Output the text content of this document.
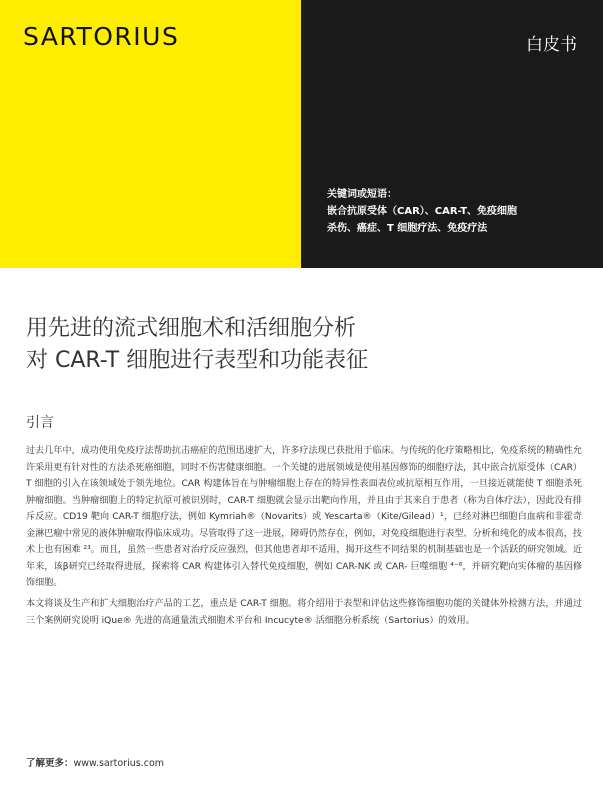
SARTORIUS	白皮书
关键词或短语：
嵌合抗原受体（CAR）、CAR-T、免疫细胞
杀伤、癌症、T 细胞疗法、免疫疗法
用先进的流式细胞术和活细胞分析
对 CAR-T 细胞进行表型和功能表征
引言

过去几年中，成功使用免疫疗法帮助抗击癌症的范围迅速扩大，许多疗法现已获批用于临床。与传统的化疗策略相比，免疫系统的精确性允许采用更有针对性的方法杀死癌细胞，同时不伤害健康细胞。一个关键的进展领域是使用基因修饰的细胞疗法，其中嵌合抗原受体（CAR）T 细胞的引入在该领域处于领先地位。CAR 构建体旨在与肿瘤细胞上存在的特异性表面表位或抗原相互作用，一旦接近就能使 T 细胞杀死肿瘤细胞。当肿瘤细胞上的特定抗原可被识别时，CAR-T 细胞就会显示出靶向作用，并且由于其来自于患者（称为自体疗法），因此没有排斥反应。CD19 靶向 CAR-T 细胞疗法，例如 Kymriah®（Novarits）或 Yescarta®（Kite/Gilead）¹，已经对淋巴细胞白血病和非霍奇金淋巴瘤中常见的液体肿瘤取得临床成功。尽管取得了这一进展，障碍仍然存在，例如，对免疫细胞进行表型、分析和纯化的成本很高，技术上也有困难 ²³。而且，虽然一些患者对治疗反应强烈，但其他患者却不适用，揭开这些不同结果的机制基础也是一个活跃的研究领域。近年来，该β研究已经取得进展，探索将 CAR 构建体引入替代免疫细胞，例如 CAR-NK 或 CAR- 巨噬细胞 ⁴⁻⁶，并研究靶向实体瘤的基因修饰细胞。

本文将谈及生产和扩大细胞治疗产品的工艺，重点是 CAR-T 细胞。将介绍用于表型和评估这些修饰细胞功能的关键体外检测方法，并通过三个案例研究说明 iQue® 先进的高通量流式细胞术平台和 Incucyte® 活细胞分析系统（Sartorius）的效用。

了解更多：www.sartorius.com
